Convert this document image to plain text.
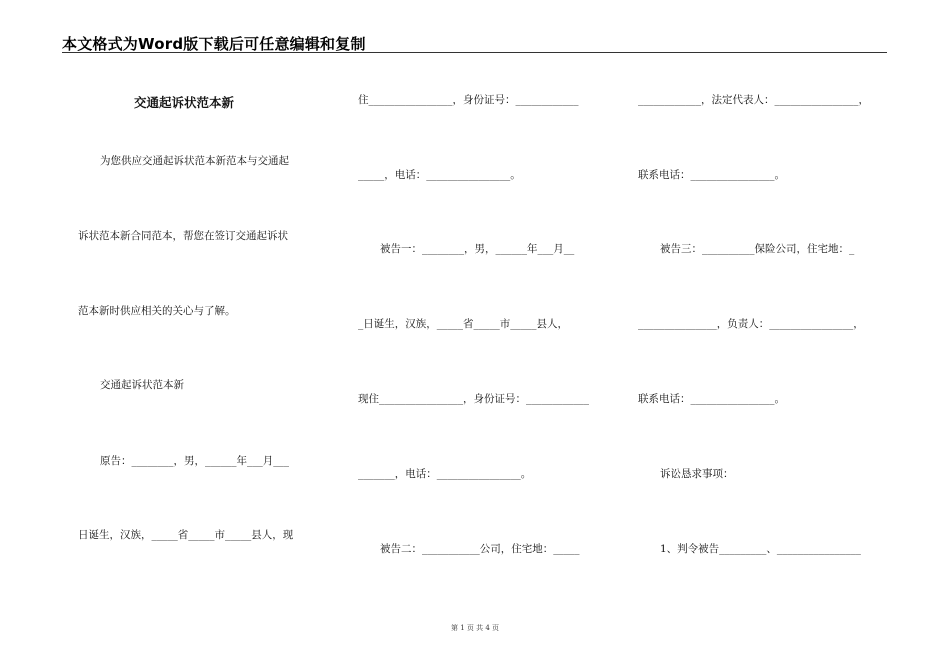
本文格式为Word版下载后可任意编辑和复制
交通起诉状范本新
为您供应交通起诉状范本新范本与交通起
诉状范本新合同范本，帮您在签订交通起诉状
范本新时供应相关的关心与了解。
交通起诉状范本新
原告：________，男，______年___月___
日诞生，汉族，_____省_____市_____县人，现
住________________，身份证号：____________
_____，电话：________________。
被告一：________，男，______年___月__
_日诞生，汉族，_____省_____市_____县人，
现住________________，身份证号：____________
_______，电话：________________。
被告二：___________公司，住宅地：_____
____________，法定代表人：________________，
联系电话：________________。
被告三：__________保险公司，住宅地：_
_______________，负责人：________________，
联系电话：________________。
诉讼恳求事项：
1、判令被告_________、________________
第 1 页 共 4 页
